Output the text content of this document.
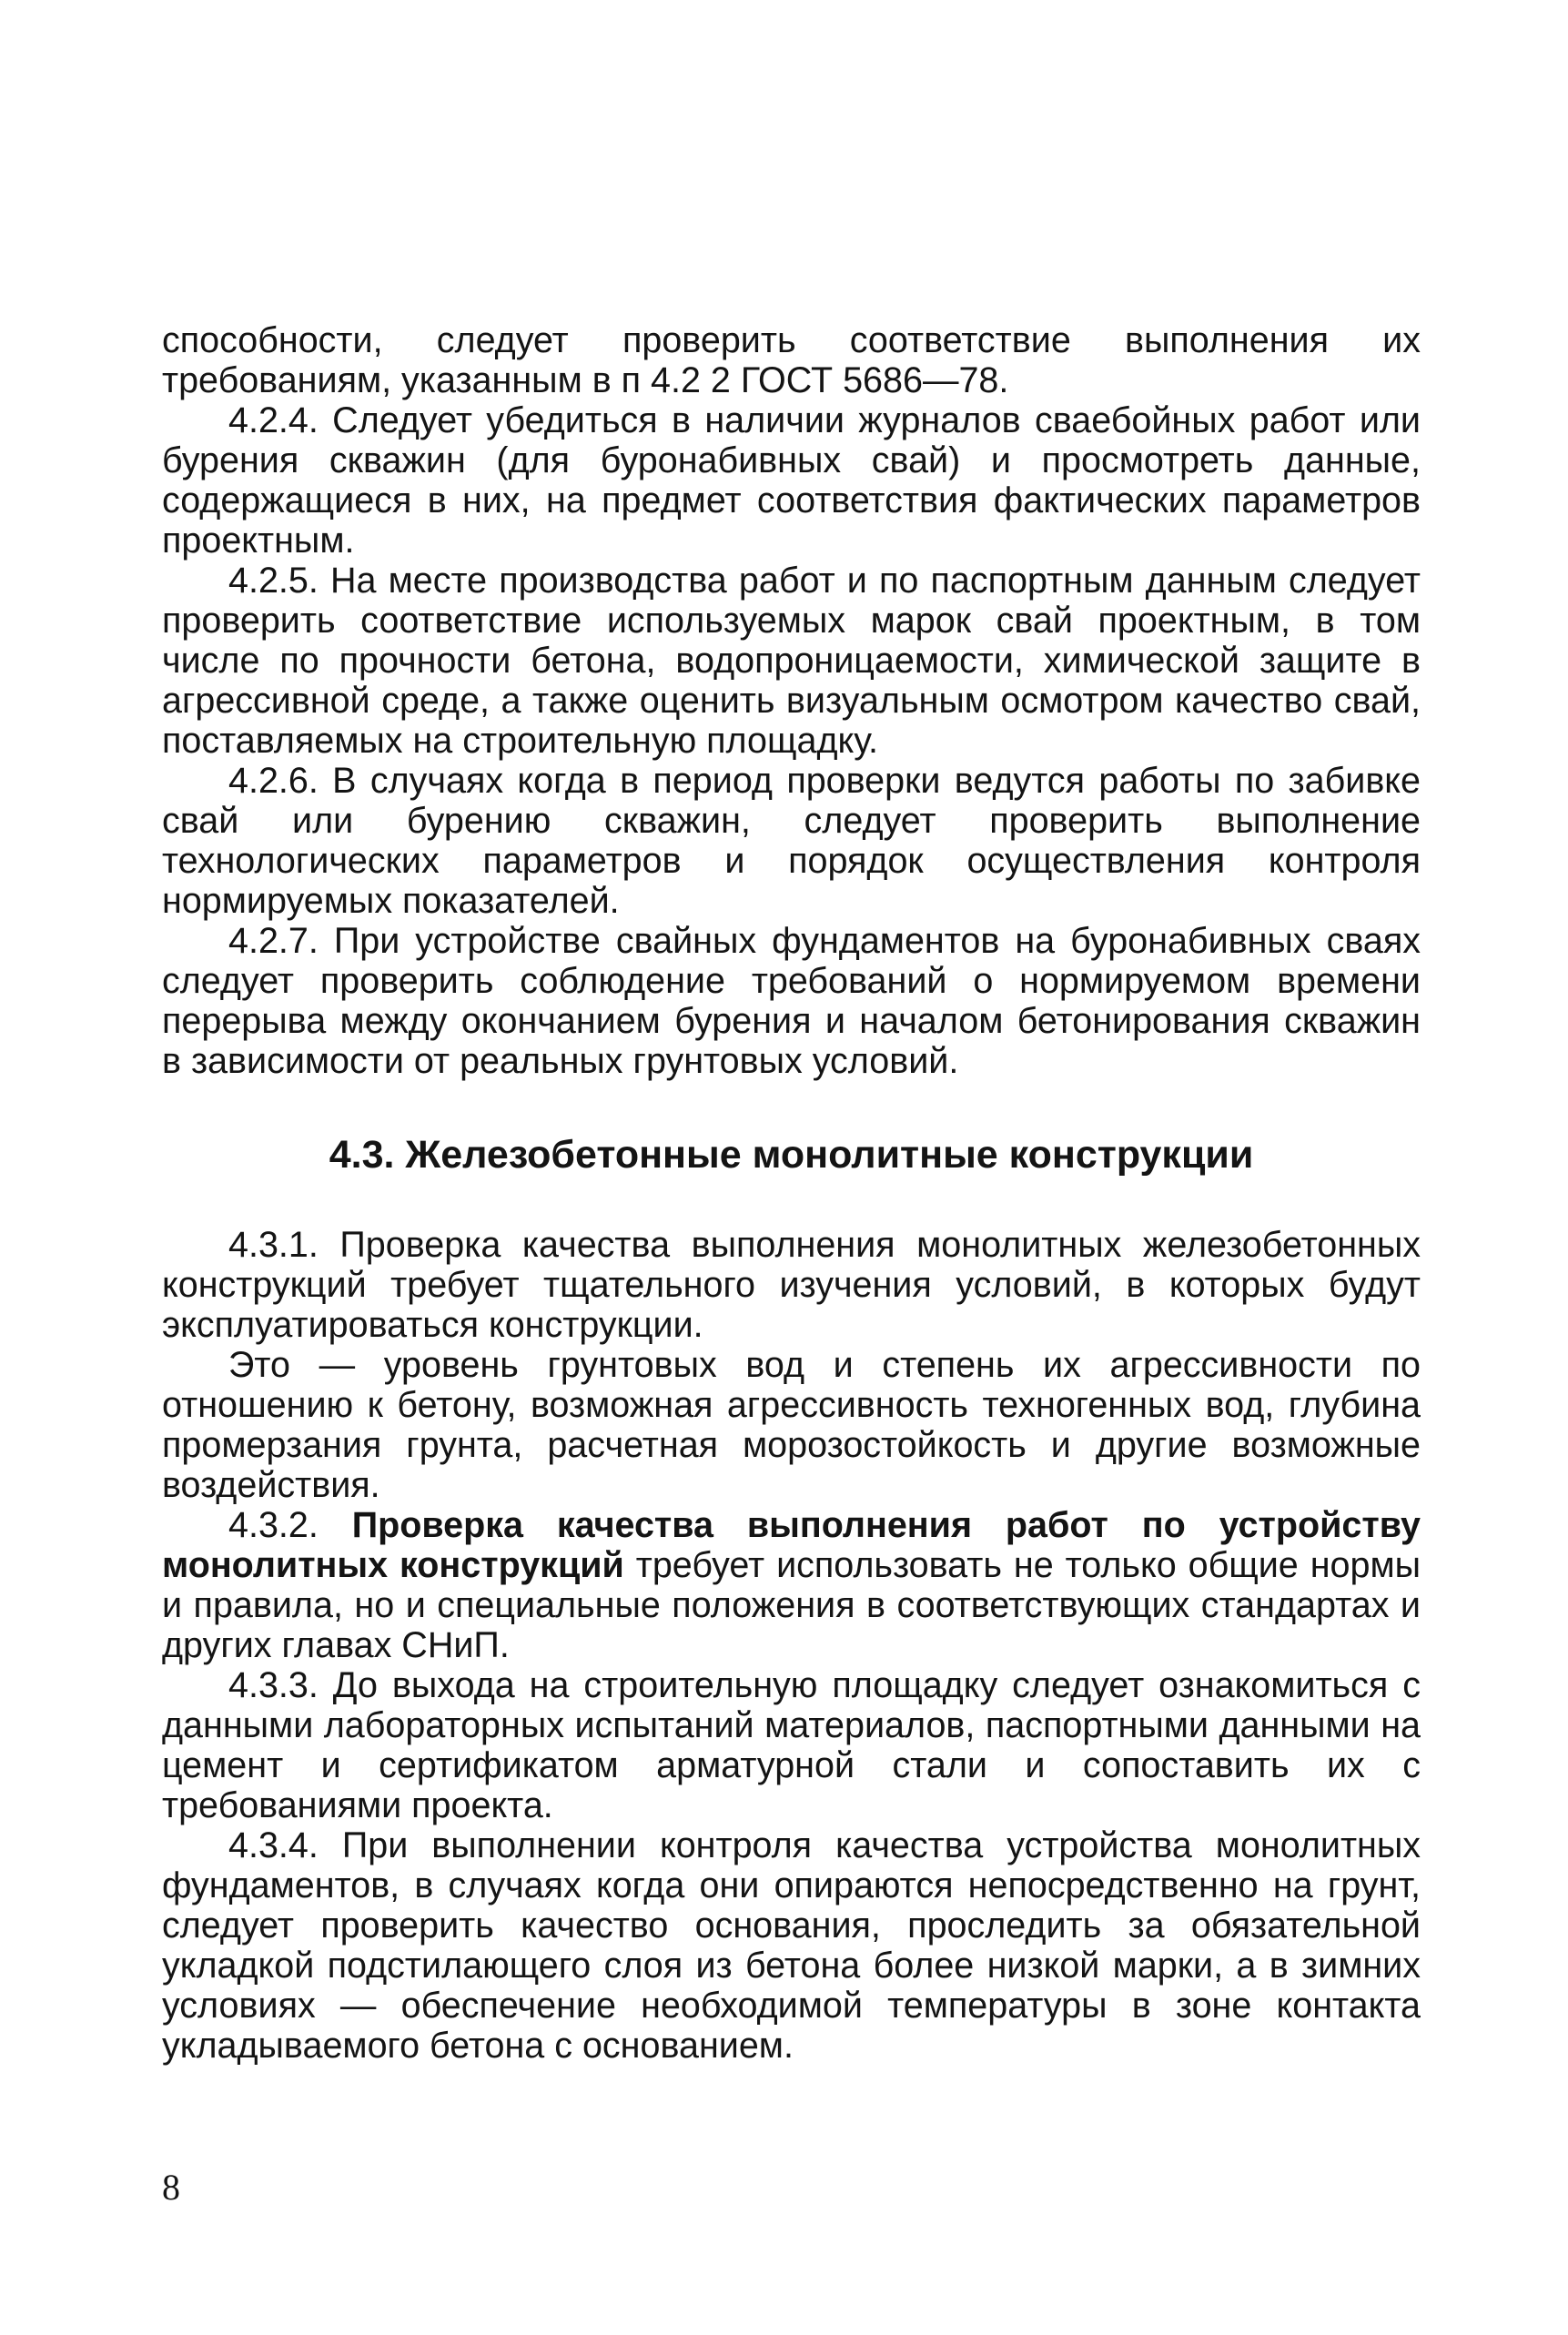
способности, следует проверить соответствие выполнения их требованиям, указанным в п 4.2 2 ГОСТ 5686—78.

4.2.4. Следует убедиться в наличии журналов сваебойных работ или бурения скважин (для буронабивных свай) и просмотреть данные, содержащиеся в них, на предмет соответствия фактических параметров проектным.

4.2.5. На месте производства работ и по паспортным данным следует проверить соответствие используемых марок свай проектным, в том числе по прочности бетона, водопроницаемости, химической защите в агрессивной среде, а также оценить визуальным осмотром качество свай, поставляемых на строительную площадку.

4.2.6. В случаях когда в период проверки ведутся работы по забивке свай или бурению скважин, следует проверить выполнение технологических параметров и порядок осуществления контроля нормируемых показателей.

4.2.7. При устройстве свайных фундаментов на буронабивных сваях следует проверить соблюдение требований о нормируемом времени перерыва между окончанием бурения и началом бетонирования скважин в зависимости от реальных грунтовых условий.

4.3. Железобетонные монолитные конструкции

4.3.1. Проверка качества выполнения монолитных железобетонных конструкций требует тщательного изучения условий, в которых будут эксплуатироваться конструкции.

Это — уровень грунтовых вод и степень их агрессивности по отношению к бетону, возможная агрессивность техногенных вод, глубина промерзания грунта, расчетная морозостойкость и другие возможные воздействия.

4.3.2. Проверка качества выполнения работ по устройству монолитных конструкций требует использовать не только общие нормы и правила, но и специальные положения в соответствующих стандартах и других главах СНиП.

4.3.3. До выхода на строительную площадку следует ознакомиться с данными лабораторных испытаний материалов, паспортными данными на цемент и сертификатом арматурной стали и сопоставить их с требованиями проекта.

4.3.4. При выполнении контроля качества устройства монолитных фундаментов, в случаях когда они опираются непосредственно на грунт, следует проверить качество основания, проследить за обязательной укладкой подстилающего слоя из бетона более низкой марки, а в зимних условиях — обеспечение необходимой температуры в зоне контакта укладываемого бетона с основанием.

8
